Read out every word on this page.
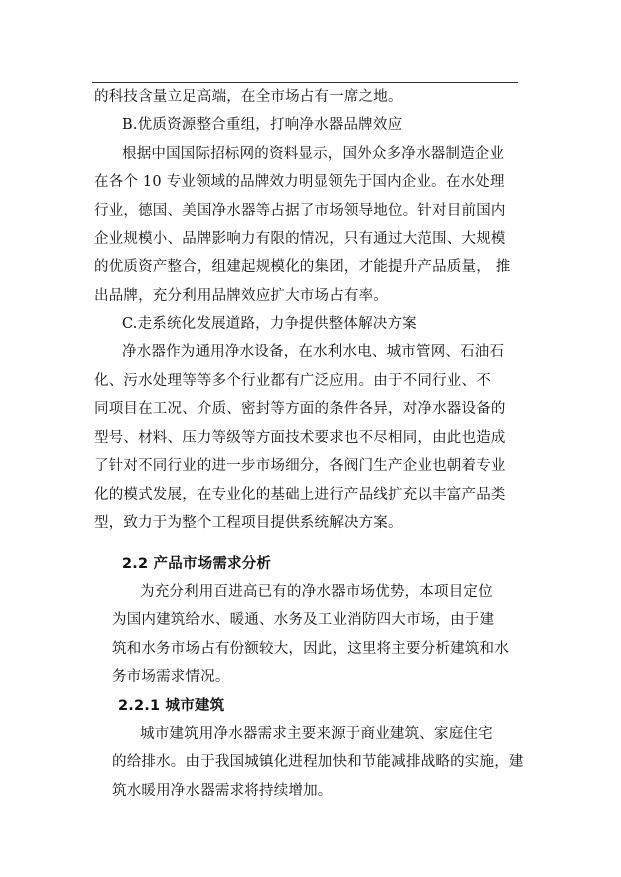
的科技含量立足高端，在全市场占有一席之地。
B.优质资源整合重组，打响净水器品牌效应
根据中国国际招标网的资料显示，国外众多净水器制造企业
在各个 10 专业领域的品牌效力明显领先于国内企业。在水处理
行业，德国、美国净水器等占据了市场领导地位。针对目前国内
企业规模小、品牌影响力有限的情况，只有通过大范围、大规模
的优质资产整合，组建起规模化的集团，才能提升产品质量， 推
出品牌，充分利用品牌效应扩大市场占有率。
C.走系统化发展道路，力争提供整体解决方案
净水器作为通用净水设备，在水利水电、城市管网、石油石
化、污水处理等等多个行业都有广泛应用。由于不同行业、不
同项目在工况、介质、密封等方面的条件各异，对净水器设备的
型号、材料、压力等级等方面技术要求也不尽相同，由此也造成
了针对不同行业的进一步市场细分，各阀门生产企业也朝着专业
化的模式发展，在专业化的基础上进行产品线扩充以丰富产品类
型，致力于为整个工程项目提供系统解决方案。
2.2 产品市场需求分析
为充分利用百进高已有的净水器市场优势，本项目定位
为国内建筑给水、暖通、水务及工业消防四大市场，由于建
筑和水务市场占有份额较大，因此，这里将主要分析建筑和水
务市场需求情况。
2.2.1 城市建筑
城市建筑用净水器需求主要来源于商业建筑、家庭住宅
的给排水。由于我国城镇化进程加快和节能减排战略的实施，建
筑水暖用净水器需求将持续增加。
